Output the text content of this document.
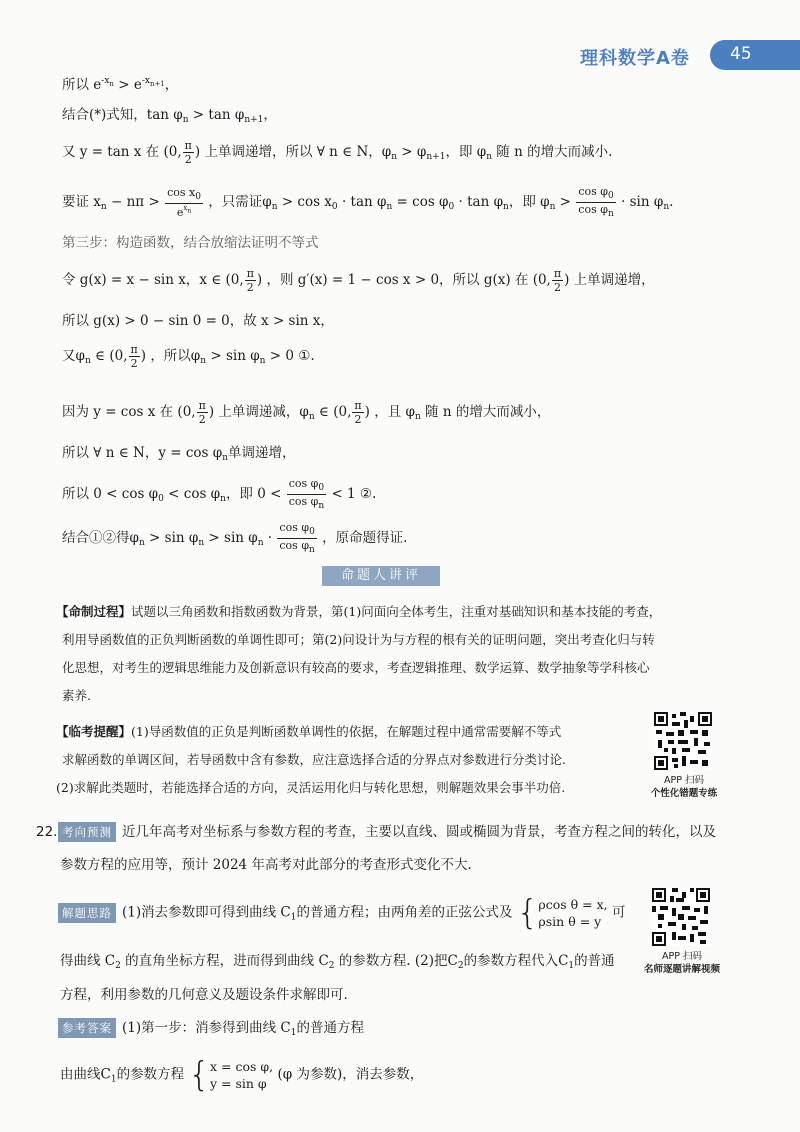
理科数学A卷 45
所以 $e^{-x_n} > e^{-x_{n+1}}$，
结合(*)式知，$\tan \varphi_n > \tan \varphi_{n+1}$，
又 y = tan x 在 (0, $\frac{\pi}{2}$ ) 上单调递增，所以 ∀ n ∈ N，$\varphi_n > \varphi_{n+1}$，即 $\varphi_n$ 随 n 的增大而减小.
要证 $x_n - n\pi > \frac{\cos x_0}{e^{x_n}}$ ，只需证$\varphi_n > \cos x_0 \cdot \tan \varphi_n = \cos \varphi_0 \cdot \tan \varphi_n$，即 $\varphi_n > \frac{\cos \varphi_0}{\cos \varphi_n} \cdot \sin \varphi_n$.
第三步：构造函数，结合放缩法证明不等式
令 g(x) = x − sin x，x ∈ (0, $\frac{\pi}{2}$ ) ，则 g′(x) = 1 − cos x > 0，所以 g(x) 在 (0, $\frac{\pi}{2}$ ) 上单调递增，
所以 g(x) > 0 − sin 0 = 0，故 x > sin x，
又$\varphi_n$ ∈ (0, $\frac{\pi}{2}$ ) ，所以$\varphi_n > \sin \varphi_n > 0$ ①.
因为 y = cos x 在 (0, $\frac{\pi}{2}$ ) 上单调递减，$\varphi_n$ ∈ (0, $\frac{\pi}{2}$ ) ，且 $\varphi_n$ 随 n 的增大而减小，
所以 ∀ n ∈ N，$y = \cos \varphi_n$单调递增，
所以 $0 < \cos \varphi_0 < \cos \varphi_n$，即 $0 < \frac{\cos \varphi_0}{\cos \varphi_n} < 1$ ②.
结合①②得$\varphi_n > \sin \varphi_n > \sin \varphi_n \cdot \frac{\cos \varphi_0}{\cos \varphi_n}$ ，原命题得证.
命题人讲评

【命制过程】试题以三角函数和指数函数为背景，第(1)问面向全体考生，注重对基础知识和基本技能的考查，

利用导函数值的正负判断函数的单调性即可；第(2)问设计为与方程的根有关的证明问题，突出考查化归与转

化思想，对考生的逻辑思维能力及创新意识有较高的要求，考查逻辑推理、数学运算、数学抽象等学科核心

素养.

【临考提醒】(1)导函数值的正负是判断函数单调性的依据，在解题过程中通常需要解不等式

求解函数的单调区间，若导函数中含有参数，应注意选择合适的分界点对参数进行分类讨论.

(2)求解此类题时，若能选择合适的方向，灵活运用化归与转化思想，则解题效果会事半功倍.	APP 扫码
个性化错题专练
22. 考向预测 近几年高考对坐标系与参数方程的考查，主要以直线、圆或椭圆为背景，考查方程之间的转化，以及
参数方程的应用等，预计 2024 年高考对此部分的考查形式变化不大.
解题思路 (1)消去参数即可得到曲线 $C_1$的普通方程；由两角差的正弦公式及 {ρcos θ = x,
ρsin θ = y 可
得曲线 $C_2$ 的直角坐标方程，进而得到曲线 $C_2$ 的参数方程. (2)把$C_2$的参数方程代入$C_1$的普通
方程，利用参数的几何意义及题设条件求解即可.
参考答案 (1)第一步：消参得到曲线 $C_1$的普通方程
由曲线$C_1$的参数方程 {x = cos φ,
y = sin φ (φ 为参数)，消去参数，
APP 扫码
名师逐题讲解视频
